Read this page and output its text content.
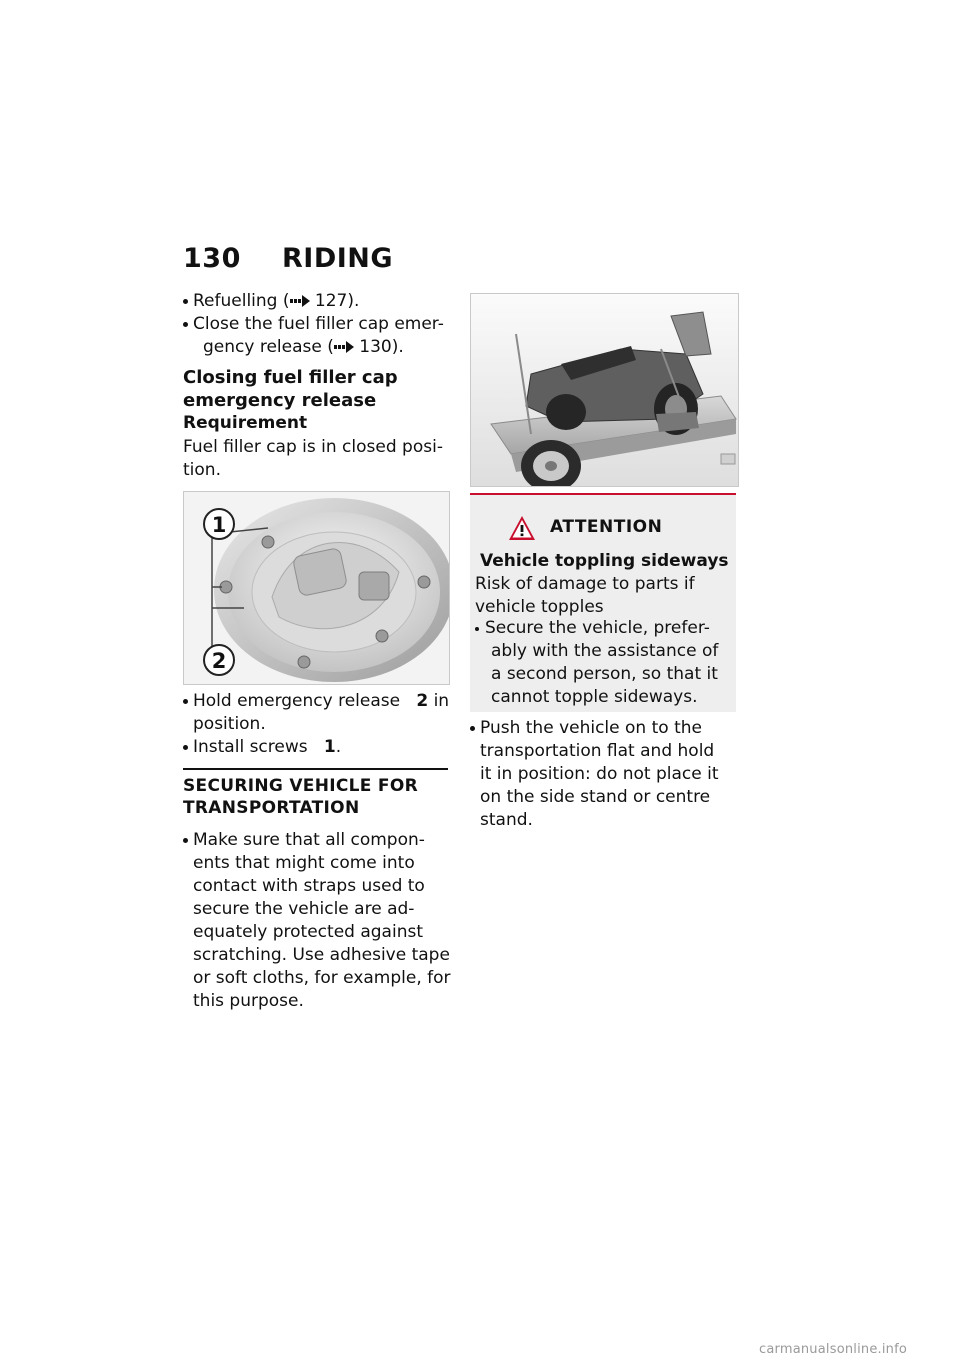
130 RIDING
Refuelling ( 127).
Close the fuel filler cap emer-
gency release ( 130).
Closing fuel filler cap
emergency release
Requirement
Fuel filler cap is in closed posi-
tion.
1
2
Hold emergency release 2 in
position.
Install screws 1.
SECURING VEHICLE FOR
TRANSPORTATION
Make sure that all compon-
ents that might come into
contact with straps used to
secure the vehicle are ad-
equately protected against
scratching. Use adhesive tape
or soft cloths, for example, for
this purpose.
ATTENTION
Vehicle toppling sideways
Risk of damage to parts if
vehicle topples
Secure the vehicle, prefer-
ably with the assistance of
a second person, so that it
cannot topple sideways.
Push the vehicle on to the
transportation flat and hold
it in position: do not place it
on the side stand or centre
stand.
carmanualsonline.info
